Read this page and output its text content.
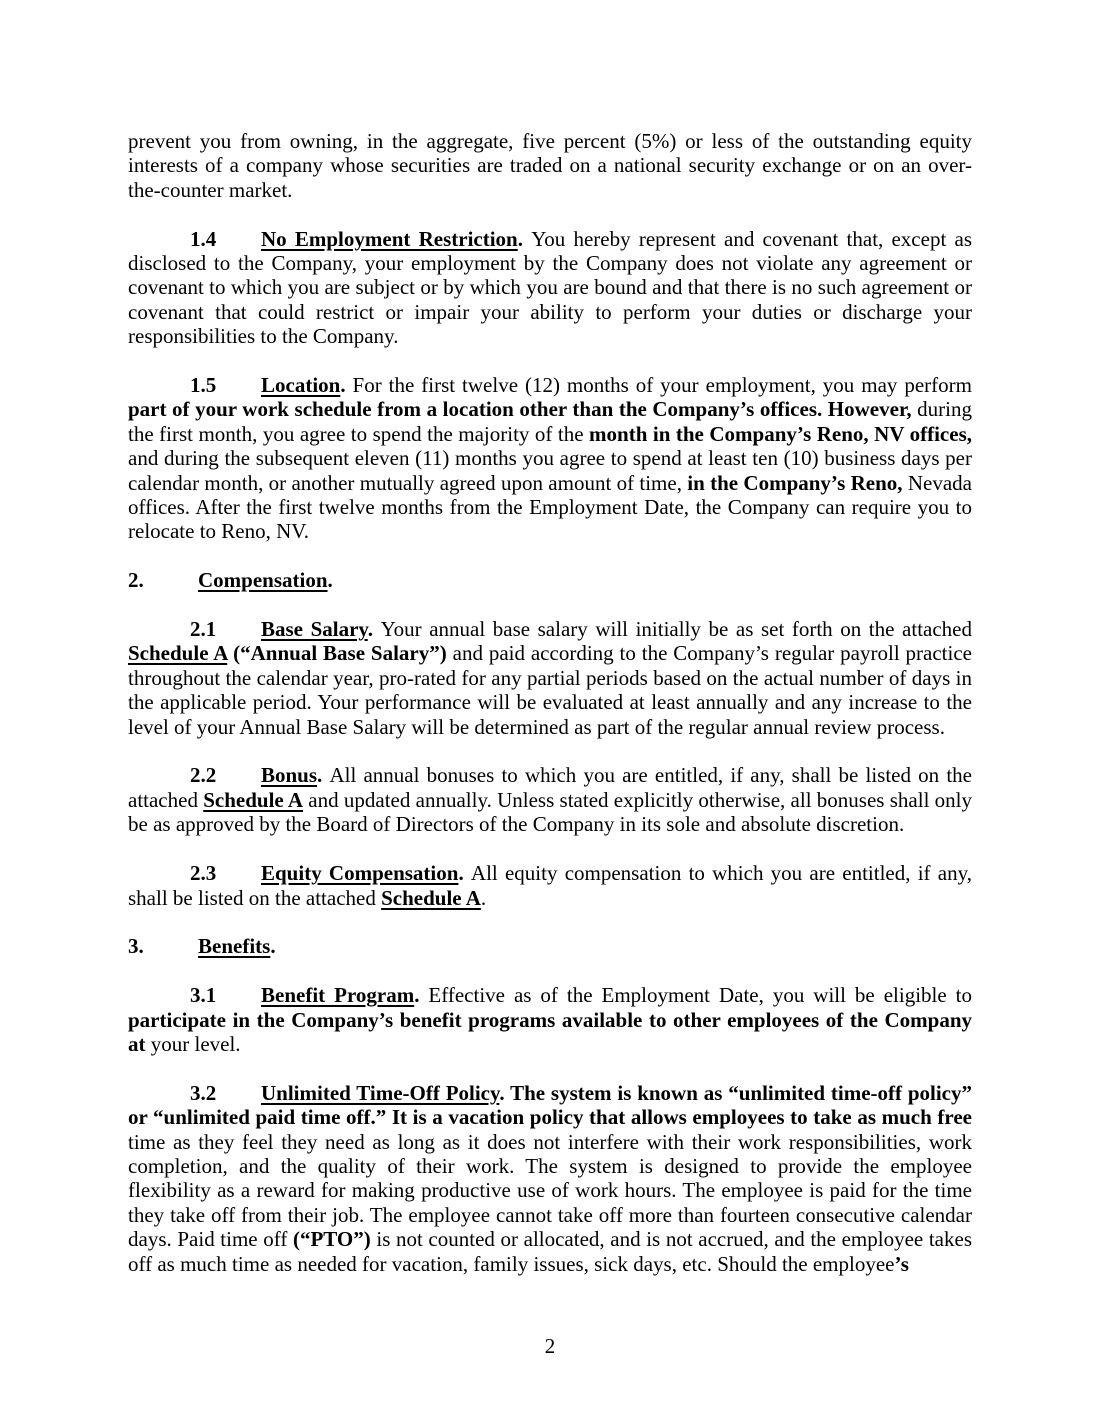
prevent you from owning, in the aggregate, five percent (5%) or less of the outstanding equity interests of a company whose securities are traded on a national security exchange or on an over-the-counter market.

1.4 No Employment Restriction. You hereby represent and covenant that, except as disclosed to the Company, your employment by the Company does not violate any agreement or covenant to which you are subject or by which you are bound and that there is no such agreement or covenant that could restrict or impair your ability to perform your duties or discharge your responsibilities to the Company.

1.5 Location. For the first twelve (12) months of your employment, you may perform part of your work schedule from a location other than the Company’s offices. However, during the first month, you agree to spend the majority of the month in the Company’s Reno, NV offices, and during the subsequent eleven (11) months you agree to spend at least ten (10) business days per calendar month, or another mutually agreed upon amount of time, in the Company’s Reno, Nevada offices. After the first twelve months from the Employment Date, the Company can require you to relocate to Reno, NV.

2.	Compensation.

2.1 Base Salary. Your annual base salary will initially be as set forth on the attached Schedule A (“Annual Base Salary”) and paid according to the Company’s regular payroll practice throughout the calendar year, pro-rated for any partial periods based on the actual number of days in the applicable period. Your performance will be evaluated at least annually and any increase to the level of your Annual Base Salary will be determined as part of the regular annual review process.

2.2 Bonus. All annual bonuses to which you are entitled, if any, shall be listed on the attached Schedule A and updated annually. Unless stated explicitly otherwise, all bonuses shall only be as approved by the Board of Directors of the Company in its sole and absolute discretion.

2.3 Equity Compensation. All equity compensation to which you are entitled, if any, shall be listed on the attached Schedule A.

3.	Benefits.

3.1 Benefit Program. Effective as of the Employment Date, you will be eligible to participate in the Company’s benefit programs available to other employees of the Company at your level.

3.2 Unlimited Time-Off Policy. The system is known as “unlimited time-off policy” or “unlimited paid time off.” It is a vacation policy that allows employees to take as much free time as they feel they need as long as it does not interfere with their work responsibilities, work completion, and the quality of their work. The system is designed to provide the employee flexibility as a reward for making productive use of work hours. The employee is paid for the time they take off from their job. The employee cannot take off more than fourteen consecutive calendar days. Paid time off (“PTO”) is not counted or allocated, and is not accrued, and the employee takes off as much time as needed for vacation, family issues, sick days, etc. Should the employee’s

2
